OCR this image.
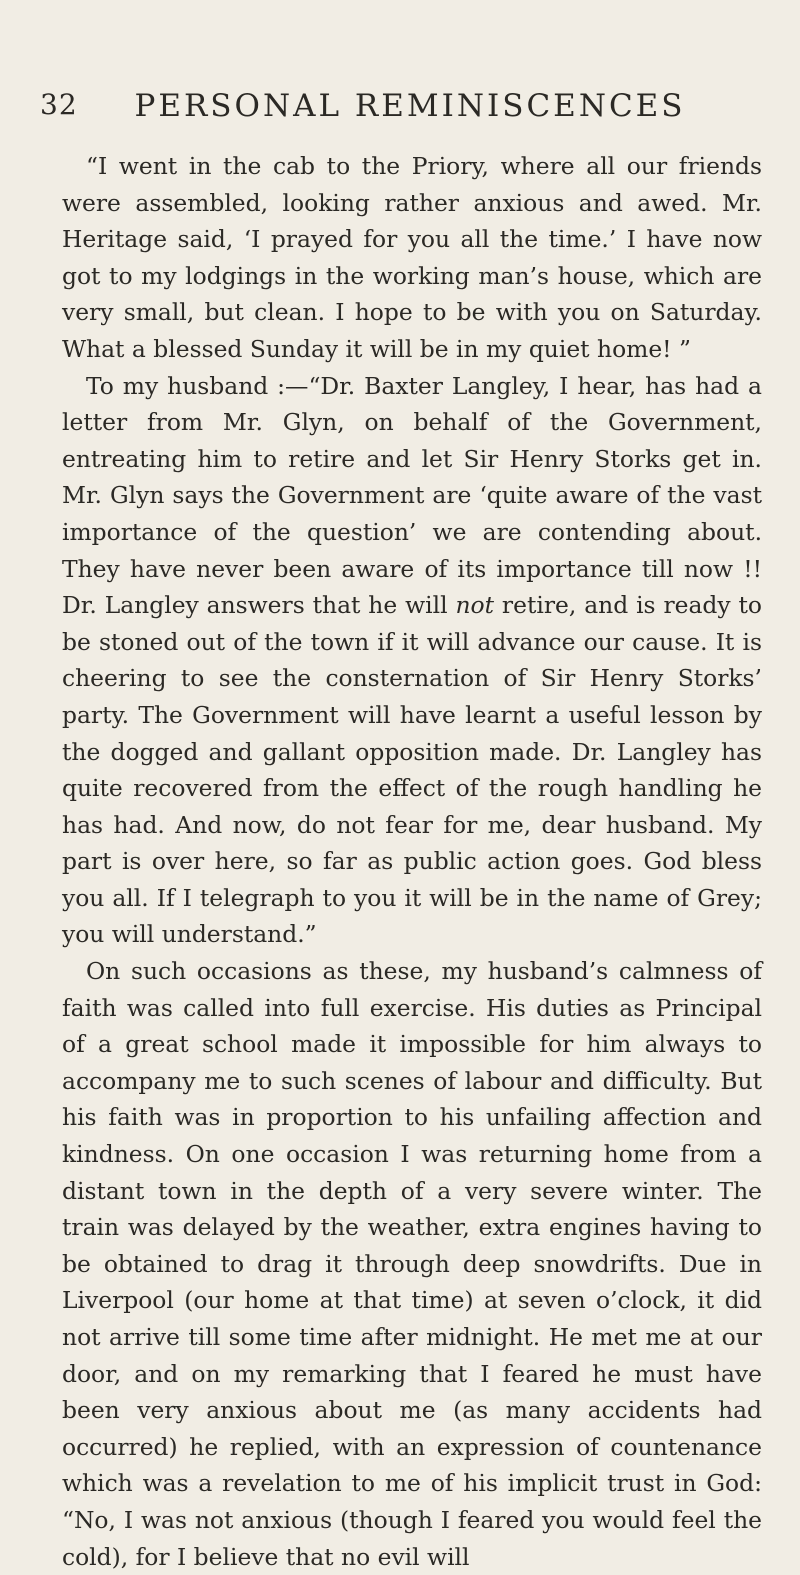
32	PERSONAL REMINISCENCES

“I went in the cab to the Priory, where all our friends were assembled, looking rather anxious and awed. Mr. Heritage said, ‘I prayed for you all the time.’ I have now got to my lodgings in the working man’s house, which are very small, but clean. I hope to be with you on Saturday. What a blessed Sunday it will be in my quiet home! ”

To my husband :—“Dr. Baxter Langley, I hear, has had a letter from Mr. Glyn, on behalf of the Government, entreating him to retire and let Sir Henry Storks get in. Mr. Glyn says the Government are ‘quite aware of the vast importance of the question’ we are contending about. They have never been aware of its importance till now !! Dr. Langley answers that he will not retire, and is ready to be stoned out of the town if it will advance our cause. It is cheering to see the consternation of Sir Henry Storks’ party. The Government will have learnt a useful lesson by the dogged and gallant opposition made. Dr. Langley has quite recovered from the effect of the rough handling he has had. And now, do not fear for me, dear husband. My part is over here, so far as public action goes. God bless you all. If I telegraph to you it will be in the name of Grey; you will understand.”

On such occasions as these, my husband’s calmness of faith was called into full exercise. His duties as Principal of a great school made it impossible for him always to accompany me to such scenes of labour and difficulty. But his faith was in proportion to his unfailing affection and kindness. On one occasion I was returning home from a distant town in the depth of a very severe winter. The train was delayed by the weather, extra engines having to be obtained to drag it through deep snowdrifts. Due in Liverpool (our home at that time) at seven o’clock, it did not arrive till some time after midnight. He met me at our door, and on my remarking that I feared he must have been very anxious about me (as many accidents had occurred) he replied, with an expression of countenance which was a revelation to me of his implicit trust in God: “No, I was not anxious (though I feared you would feel the cold), for I believe that no evil will
